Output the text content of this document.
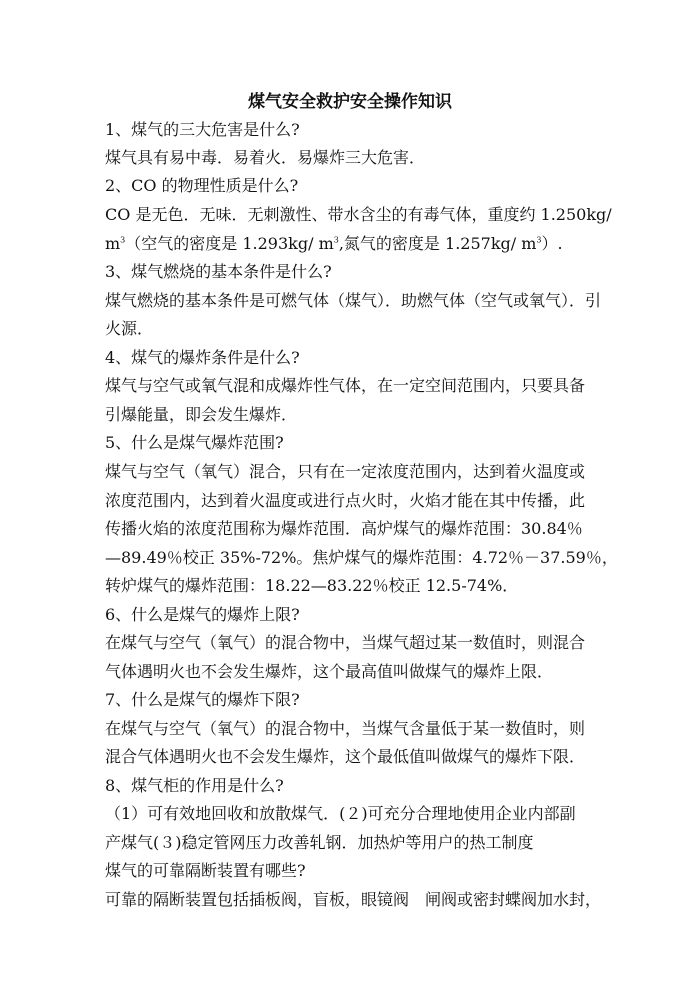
煤气安全救护安全操作知识
1、煤气的三大危害是什么?
煤气具有易中毒．易着火．易爆炸三大危害．
2、CO 的物理性质是什么?
CO 是无色．无味．无刺激性、带水含尘的有毒气体，重度约 1.250kg/
$m^3$（空气的密度是 1.293kg/ $m^3$,氮气的密度是 1.257kg/ $m^3$）.
3、煤气燃烧的基本条件是什么?
煤气燃烧的基本条件是可燃气体（煤气）．助燃气体（空气或氧气）．引
火源．
4、煤气的爆炸条件是什么?
煤气与空气或氧气混和成爆炸性气体，在一定空间范围内，只要具备
引爆能量，即会发生爆炸．
5、什么是煤气爆炸范围?
煤气与空气（氧气）混合，只有在一定浓度范围内，达到着火温度或
浓度范围内，达到着火温度或进行点火时，火焰才能在其中传播，此
传播火焰的浓度范围称为爆炸范围．高炉煤气的爆炸范围：30.84％
—89.49％校正 35%-72%。焦炉煤气的爆炸范围：4.72％－37.59％，
转炉煤气的爆炸范围：18.22—83.22％校正 12.5-74%．
6、什么是煤气的爆炸上限?
在煤气与空气（氧气）的混合物中，当煤气超过某一数值时，则混合
气体遇明火也不会发生爆炸，这个最高值叫做煤气的爆炸上限．
7、什么是煤气的爆炸下限?
在煤气与空气（氧气）的混合物中，当煤气含量低于某一数值时，则
混合气体遇明火也不会发生爆炸，这个最低值叫做煤气的爆炸下限．
8、煤气柜的作用是什么?
（1）可有效地回收和放散煤气．(２)可充分合理地使用企业内部副
产煤气(３)稳定管网压力改善轧钢．加热炉等用户的热工制度
煤气的可靠隔断装置有哪些?
可靠的隔断装置包括插板阀，盲板，眼镜阀　闸阀或密封蝶阀加水封，
